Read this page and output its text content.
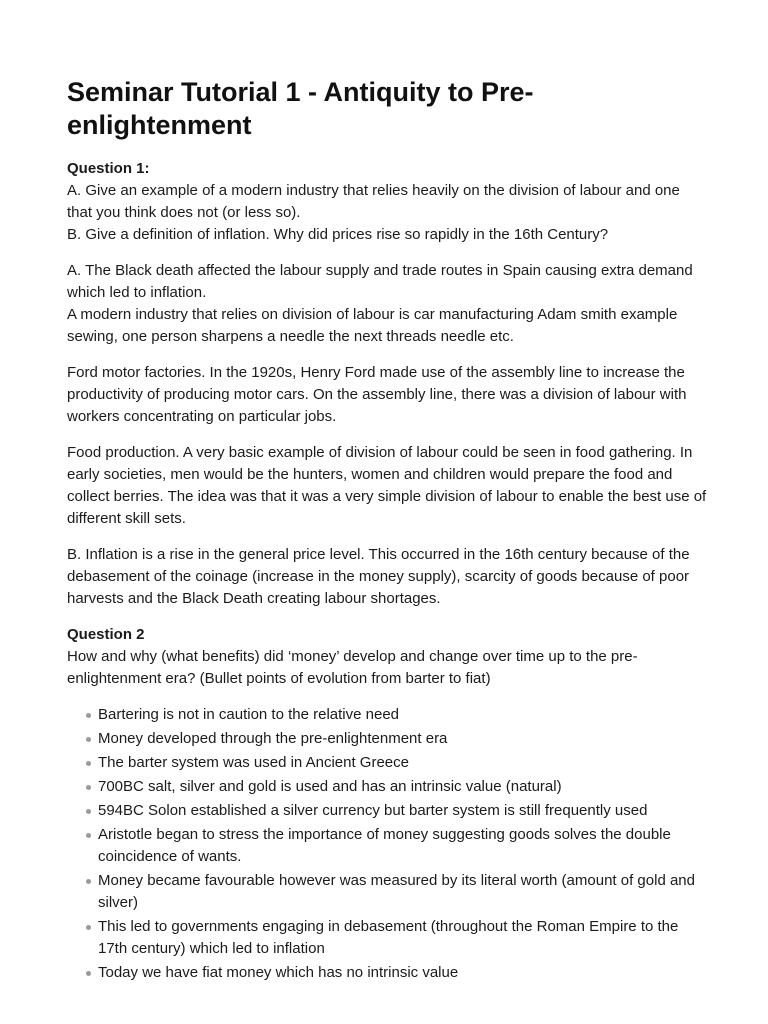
Seminar Tutorial 1 - Antiquity to Pre-enlightenment
Question 1:

A. Give an example of a modern industry that relies heavily on the division of labour and one that you think does not (or less so).

B. Give a definition of inflation. Why did prices rise so rapidly in the 16th Century?

A. The Black death affected the labour supply and trade routes in Spain causing extra demand which led to inflation.

A modern industry that relies on division of labour is car manufacturing Adam smith example sewing, one person sharpens a needle the next threads needle etc.

Ford motor factories. In the 1920s, Henry Ford made use of the assembly line to increase the productivity of producing motor cars. On the assembly line, there was a division of labour with workers concentrating on particular jobs.

Food production. A very basic example of division of labour could be seen in food gathering. In early societies, men would be the hunters, women and children would prepare the food and collect berries. The idea was that it was a very simple division of labour to enable the best use of different skill sets.

B. Inflation is a rise in the general price level. This occurred in the 16th century because of the debasement of the coinage (increase in the money supply), scarcity of goods because of poor harvests and the Black Death creating labour shortages.

Question 2

How and why (what benefits) did ‘money’ develop and change over time up to the pre-enlightenment era? (Bullet points of evolution from barter to fiat)

Bartering is not in caution to the relative need
Money developed through the pre-enlightenment era
The barter system was used in Ancient Greece
700BC salt, silver and gold is used and has an intrinsic value (natural)
594BC Solon established a silver currency but barter system is still frequently used
Aristotle began to stress the importance of money suggesting goods solves the double coincidence of wants.
Money became favourable however was measured by its literal worth (amount of gold and silver)
This led to governments engaging in debasement (throughout the Roman Empire to the 17th century) which led to inflation
Today we have fiat money which has no intrinsic value
